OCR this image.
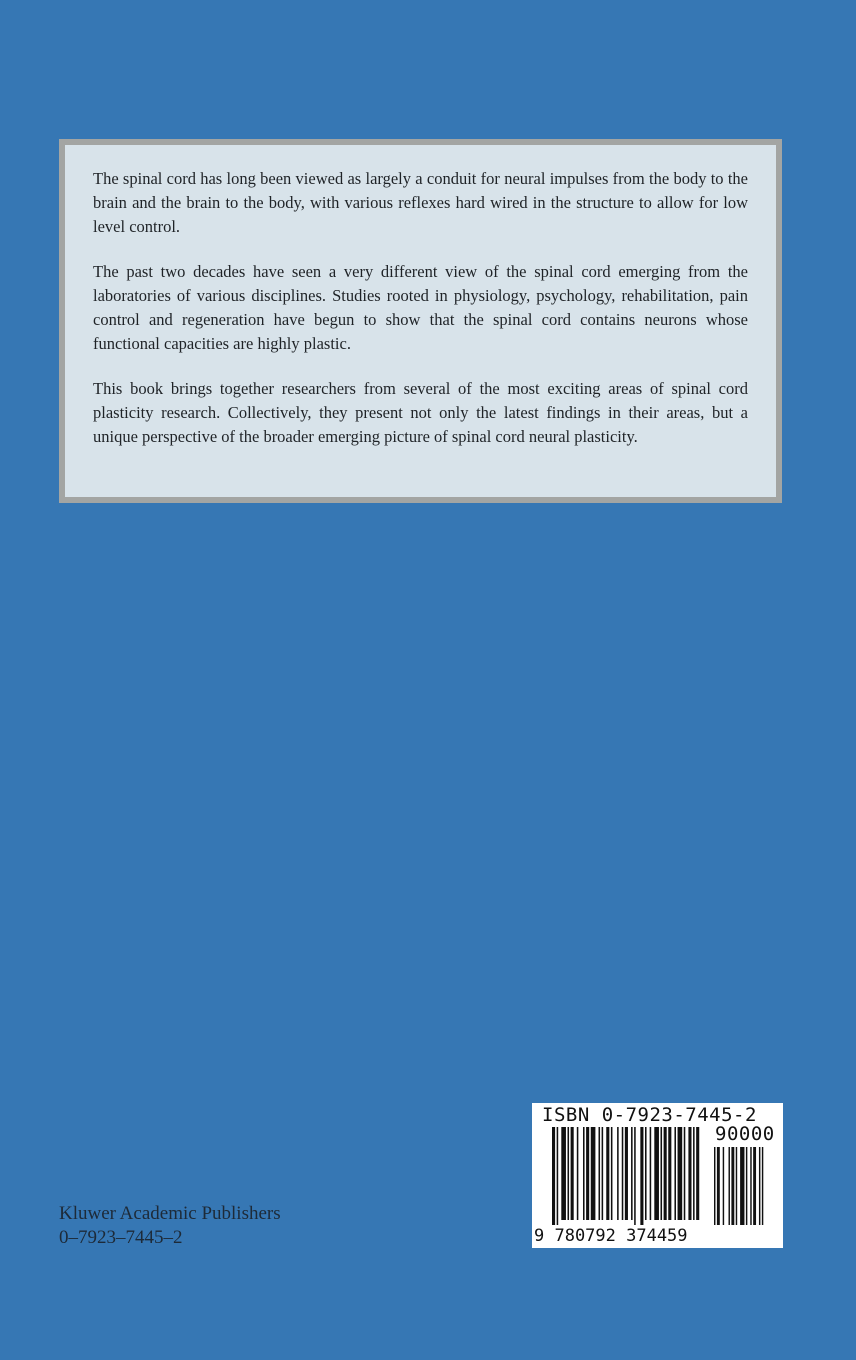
The spinal cord has long been viewed as largely a conduit for neural impulses from the body to the brain and the brain to the body, with various reflexes hard wired in the structure to allow for low level control.

The past two decades have seen a very different view of the spinal cord emerging from the laboratories of various disciplines. Studies rooted in physiology, psychology, rehabilitation, pain control and regeneration have begun to show that the spinal cord contains neurons whose functional capacities are highly plastic.

This book brings together researchers from several of the most exciting areas of spinal cord plasticity research. Collectively, they present not only the latest findings in their areas, but a unique perspective of the broader emerging picture of spinal cord neural plasticity.

Kluwer Academic Publishers
0–7923–7445–2
ISBN 0-7923-7445-2
90000
9 780792 374459
